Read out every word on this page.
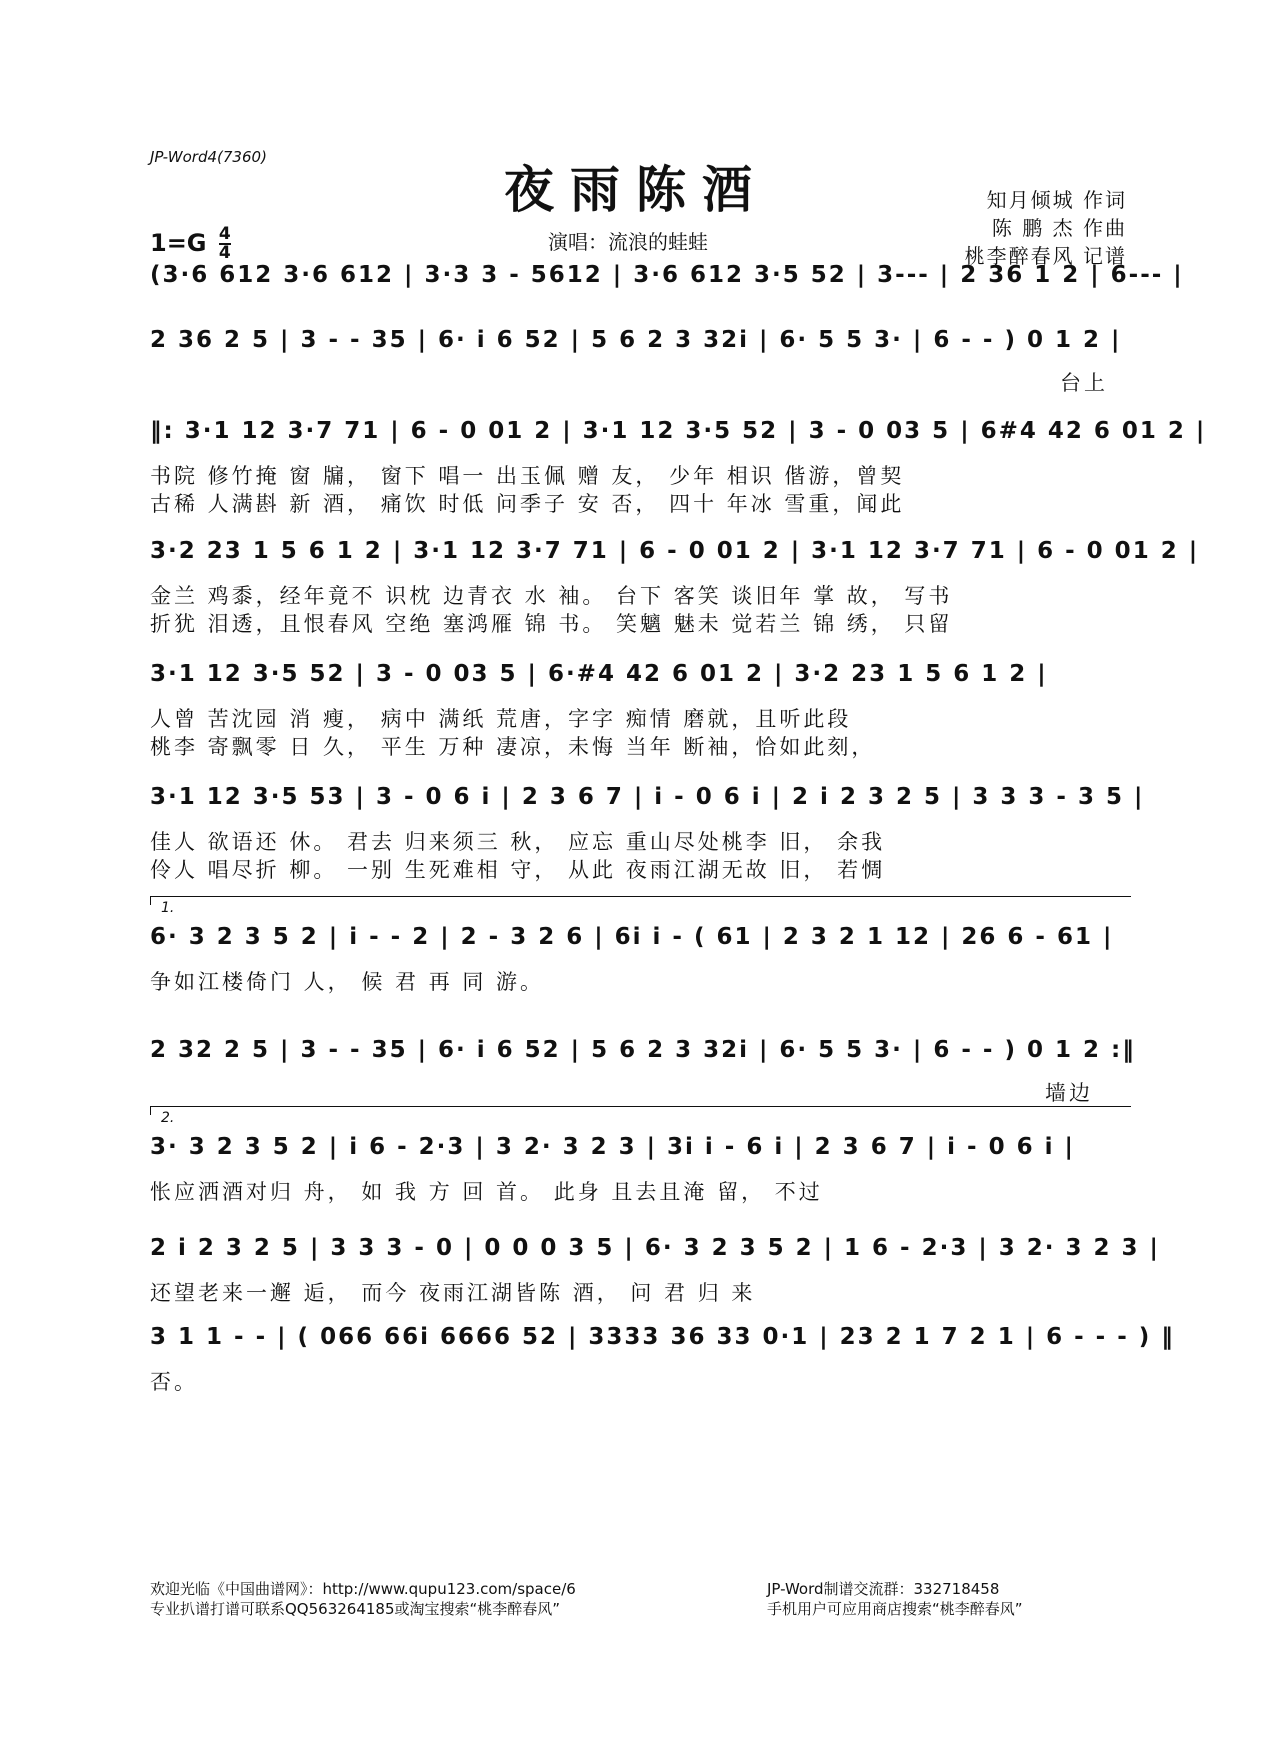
JP-Word4(7360)
夜雨陈酒
$1=G \frac{4}{4}$	演唱：流浪的蛙蛙
知月倾城 作词
陈 鹏 杰 作曲
桃李醉春风 记谱
(3·6 612 3·6 612 | 3·3 3 - 5612 | 3·6 612 3·5 52 | 3--- | 2 36 1 2 | 6--- |
2 36 2 5 | 3 - - 35 | 6· i 6 52 | 5 6 2 3 32i | 6· 5 5 3· | 6 - - ) 0 1 2 |
台上
‖: 3·1 12 3·7 71 | 6 - 0 01 2 | 3·1 12 3·5 52 | 3 - 0 03 5 | 6#4 42 6 01 2 |
书院 修竹掩 窗 牖， 窗下 唱一 出玉佩 赠 友， 少年 相识 偕游，曾契
古稀 人满斟 新 酒， 痛饮 时低 问季子 安 否， 四十 年冰 雪重，闻此
3·2 23 1 5 6 1 2 | 3·1 12 3·7 71 | 6 - 0 01 2 | 3·1 12 3·7 71 | 6 - 0 01 2 |
金兰 鸡黍，经年竟不 识枕 边青衣 水 袖。 台下 客笑 谈旧年 掌 故， 写书
折犹 泪透，且恨春风 空绝 塞鸿雁 锦 书。 笑魑 魅未 觉若兰 锦 绣， 只留
3·1 12 3·5 52 | 3 - 0 03 5 | 6·#4 42 6 01 2 | 3·2 23 1 5 6 1 2 |
人曾 苦沈园 消 瘦， 病中 满纸 荒唐，字字 痴情 磨就，且听此段
桃李 寄飘零 日 久， 平生 万种 凄凉，未悔 当年 断袖，恰如此刻，
3·1 12 3·5 53 | 3 - 0 6 i | 2 3 6 7 | i - 0 6 i | 2 i 2 3 2 5 | 3 3 3 - 3 5 |
佳人 欲语还 休。 君去 归来须三 秋， 应忘 重山尽处桃李 旧， 余我
伶人 唱尽折 柳。 一别 生死难相 守， 从此 夜雨江湖无故 旧， 若惆
1.
6· 3 2 3 5 2 | i - - 2 | 2 - 3 2 6 | 6i i - ( 61 | 2 3 2 1 12 | 26 6 - 61 |
争如江楼倚门 人， 候 君 再 同 游。
2 32 2 5 | 3 - - 35 | 6· i 6 52 | 5 6 2 3 32i | 6· 5 5 3· | 6 - - ) 0 1 2 :‖
墙边
2.
3· 3 2 3 5 2 | i 6 - 2·3 | 3 2· 3 2 3 | 3i i - 6 i | 2 3 6 7 | i - 0 6 i |
怅应洒酒对归 舟， 如 我 方 回 首。 此身 且去且淹 留， 不过
2 i 2 3 2 5 | 3 3 3 - 0 | 0 0 0 3 5 | 6· 3 2 3 5 2 | 1 6 - 2·3 | 3 2· 3 2 3 |
还望老来一邂 逅， 而今 夜雨江湖皆陈 酒， 问 君 归 来
3 1 1 - - | ( 066 66i 6666 52 | 3333 36 33 0·1 | 23 2 1 7 2 1 | 6 - - - ) ‖
否。
欢迎光临《中国曲谱网》：http://www.qupu123.com/space/6
专业扒谱打谱可联系QQ563264185或淘宝搜索“桃李醉春风”
JP-Word制谱交流群：332718458
手机用户可应用商店搜索“桃李醉春风”
